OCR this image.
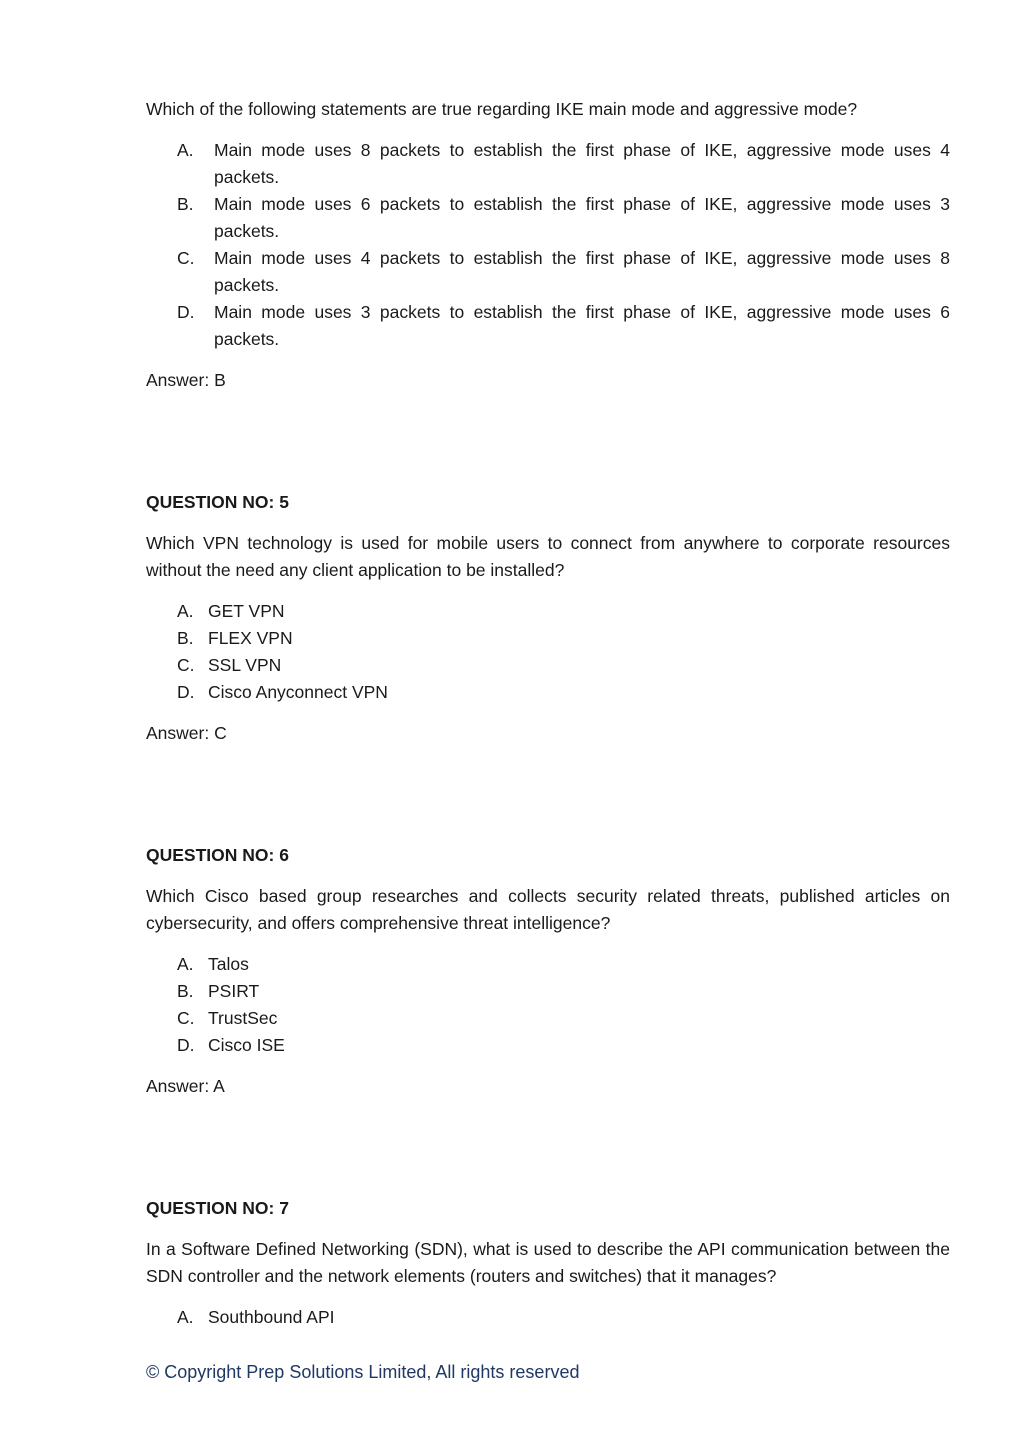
Which of the following statements are true regarding IKE main mode and aggressive mode?

A.	Main mode uses 8 packets to establish the first phase of IKE, aggressive mode uses 4 packets.
B.	Main mode uses 6 packets to establish the first phase of IKE, aggressive mode uses 3 packets.
C.	Main mode uses 4 packets to establish the first phase of IKE, aggressive mode uses 8 packets.
D.	Main mode uses 3 packets to establish the first phase of IKE, aggressive mode uses 6 packets.

Answer: B

QUESTION NO: 5

Which VPN technology is used for mobile users to connect from anywhere to corporate resources without the need any client application to be installed?

A. GET VPN
B. FLEX VPN
C. SSL VPN
D. Cisco Anyconnect VPN

Answer: C

QUESTION NO: 6

Which Cisco based group researches and collects security related threats, published articles on cybersecurity, and offers comprehensive threat intelligence?

A. Talos
B. PSIRT
C. TrustSec
D. Cisco ISE

Answer: A

QUESTION NO: 7

In a Software Defined Networking (SDN), what is used to describe the API communication between the SDN controller and the network elements (routers and switches) that it manages?

A. Southbound API
© Copyright Prep Solutions Limited, All rights reserved
